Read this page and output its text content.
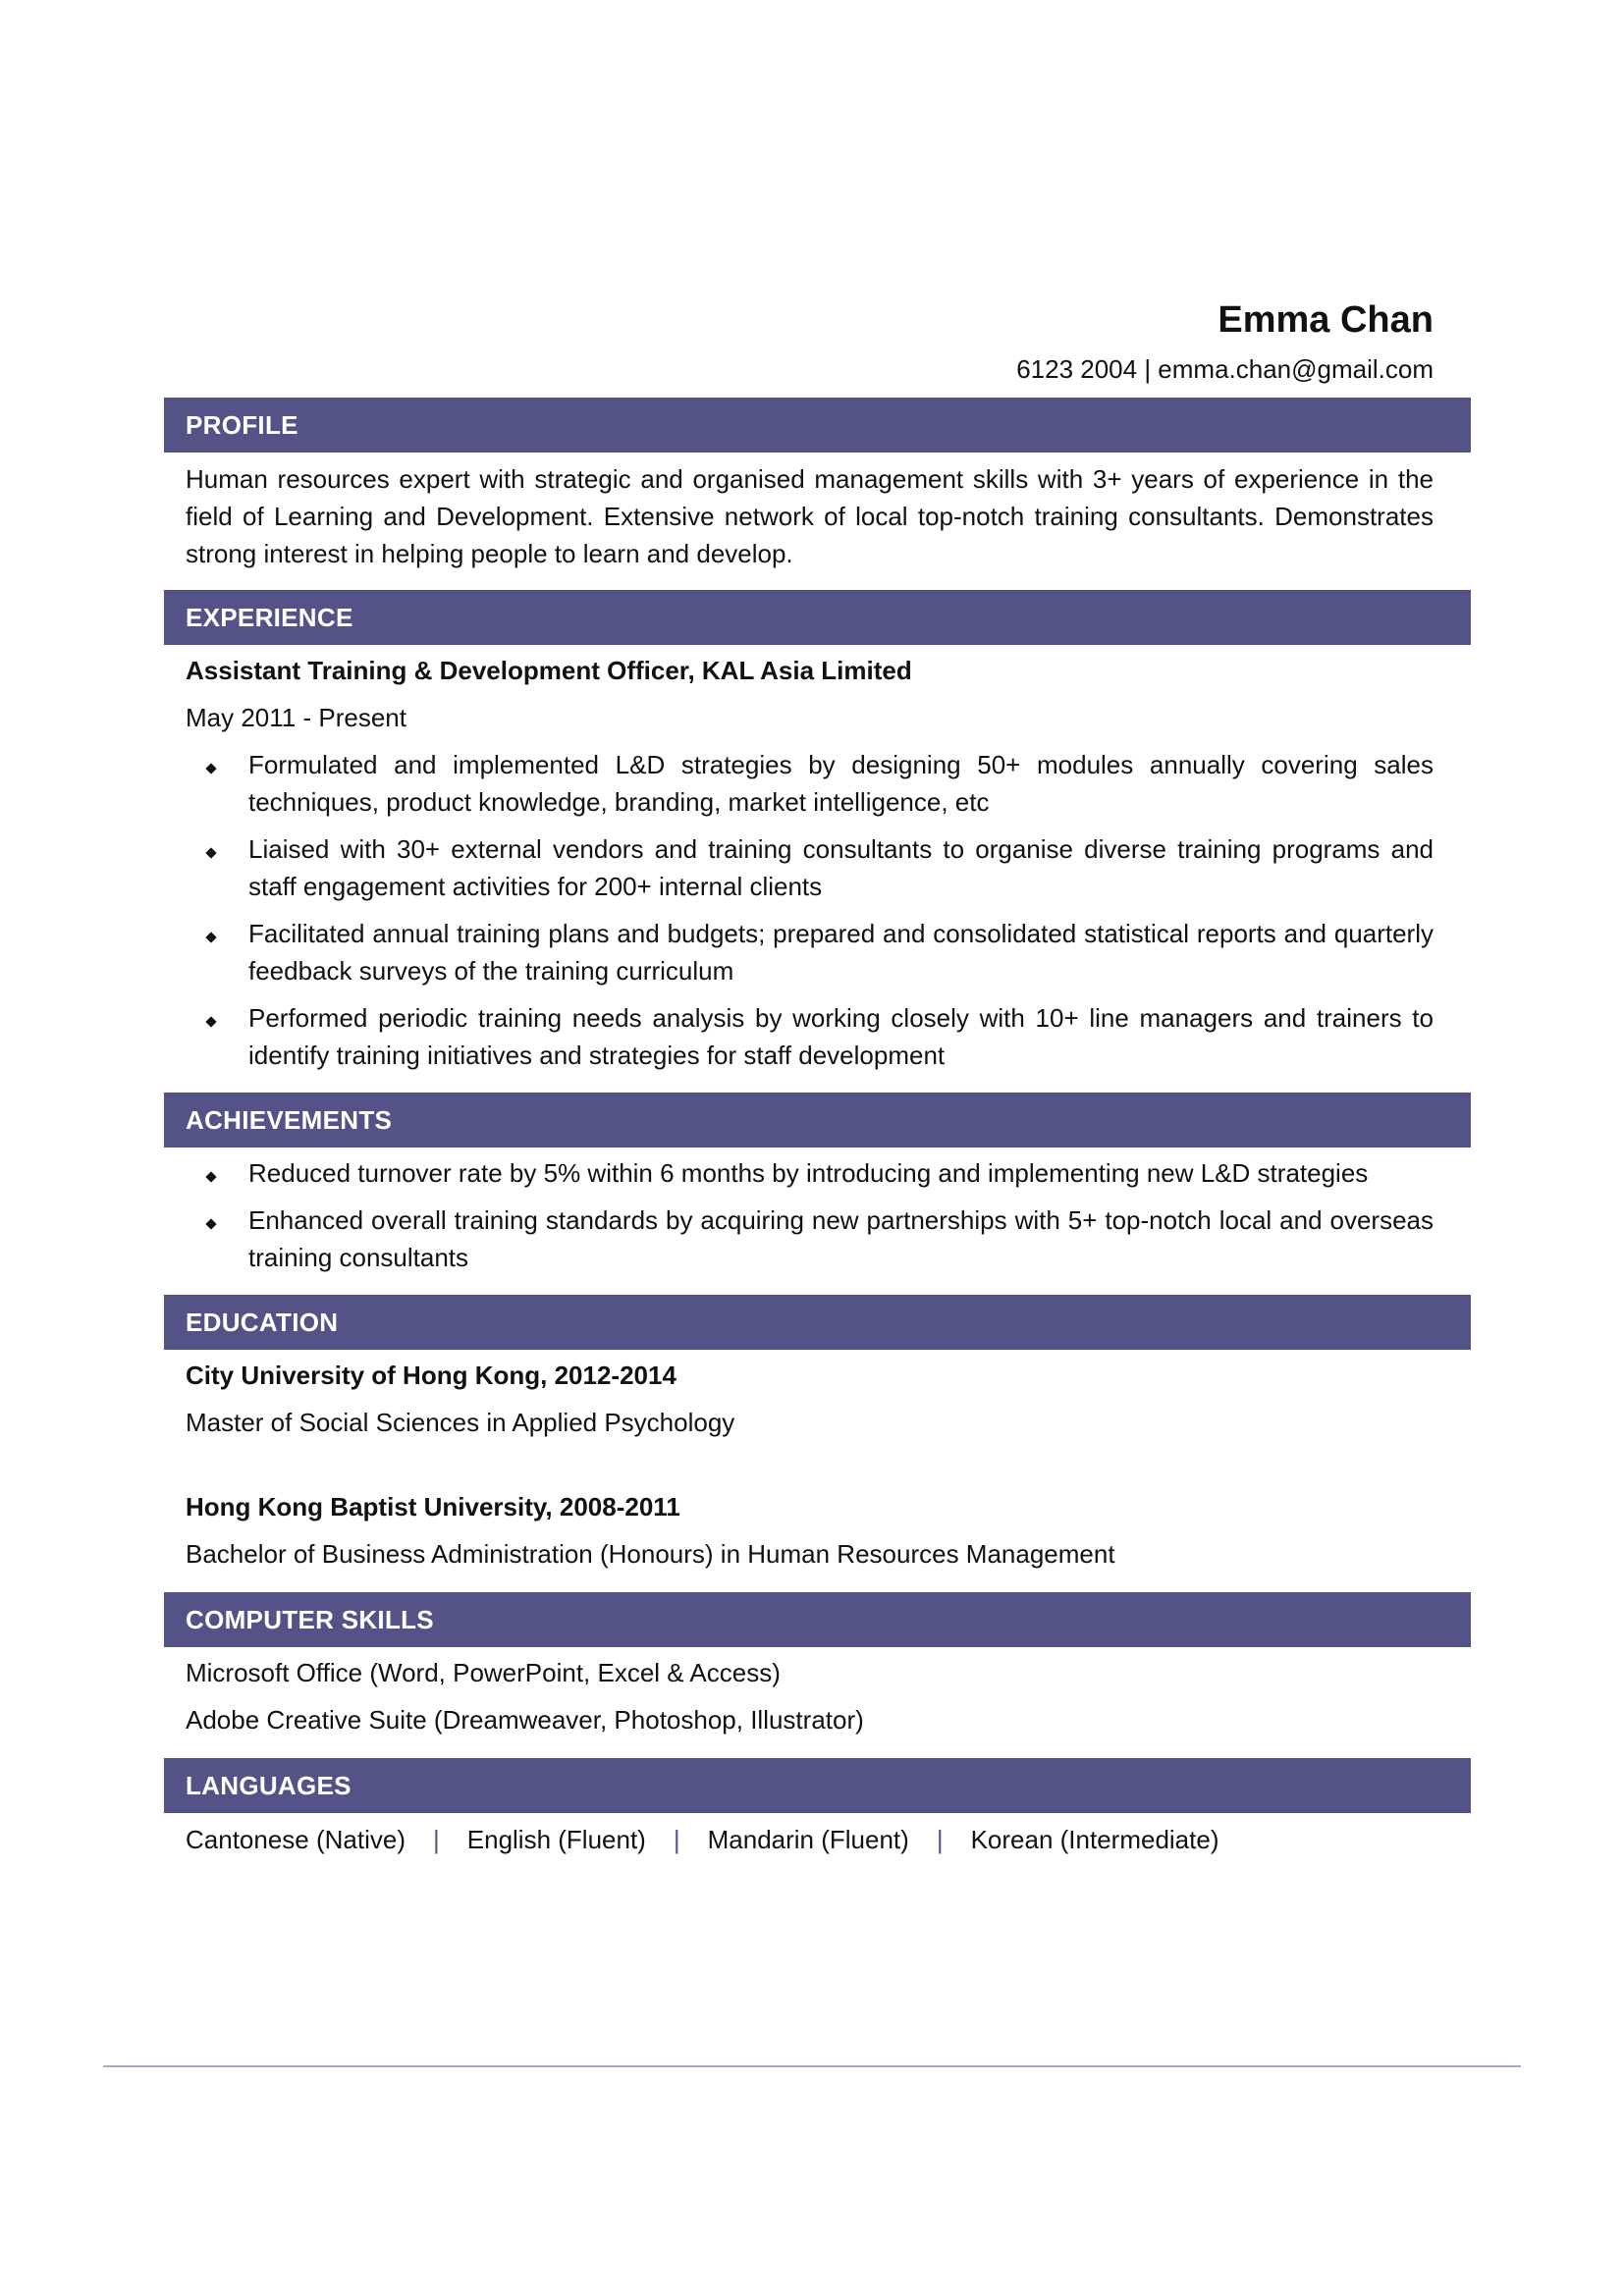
Emma Chan
6123 2004 | emma.chan@gmail.com
PROFILE
Human resources expert with strategic and organised management skills with 3+ years of experience in the field of Learning and Development. Extensive network of local top-notch training consultants. Demonstrates strong interest in helping people to learn and develop.
EXPERIENCE
Assistant Training & Development Officer, KAL Asia Limited
May 2011 - Present
Formulated and implemented L&D strategies by designing 50+ modules annually covering sales techniques, product knowledge, branding, market intelligence, etc
Liaised with 30+ external vendors and training consultants to organise diverse training programs and staff engagement activities for 200+ internal clients
Facilitated annual training plans and budgets; prepared and consolidated statistical reports and quarterly feedback surveys of the training curriculum
Performed periodic training needs analysis by working closely with 10+ line managers and trainers to identify training initiatives and strategies for staff development
ACHIEVEMENTS
Reduced turnover rate by 5% within 6 months by introducing and implementing new L&D strategies
Enhanced overall training standards by acquiring new partnerships with 5+ top-notch local and overseas training consultants
EDUCATION
City University of Hong Kong, 2012-2014
Master of Social Sciences in Applied Psychology
Hong Kong Baptist University, 2008-2011
Bachelor of Business Administration (Honours) in Human Resources Management
COMPUTER SKILLS
Microsoft Office (Word, PowerPoint, Excel & Access)
Adobe Creative Suite (Dreamweaver, Photoshop, Illustrator)
LANGUAGES
Cantonese (Native) | English (Fluent) | Mandarin (Fluent) | Korean (Intermediate)
